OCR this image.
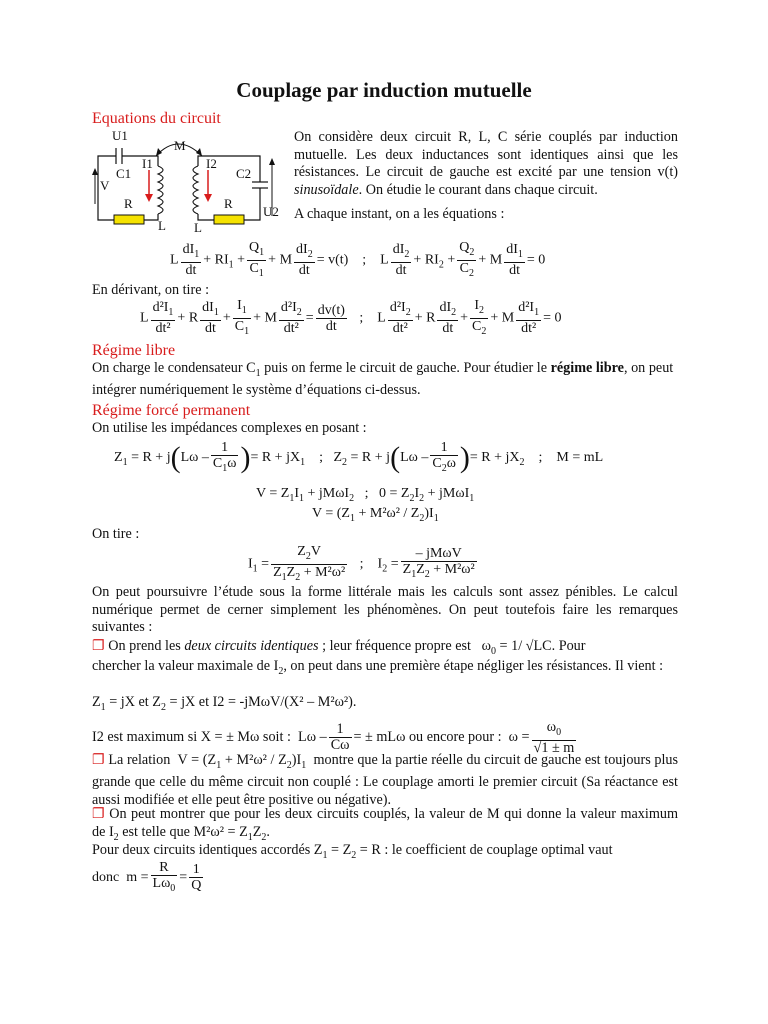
Couplage par induction mutuelle
Equations du circuit
U1
M
I1	I2
C1	C2
V
R	R
U2
L L
On considère deux circuit R, L, C série couplés par induction mutuelle. Les deux inductances sont identiques ainsi que les résistances. Le circuit de gauche est excité par une tension v(t) sinusoïdale. On étudie le courant dans chaque circuit.
A chaque instant, on a les équations :
L $\frac{dI_1}{dt} + RI_1 + \frac{Q_1}{C_1} + M \frac{dI_2}{dt} = v(t)$    ;    L $\frac{dI_2}{dt} + RI_2 + \frac{Q_2}{C_2} + M \frac{dI_1}{dt} = 0$
En dérivant, on tire :
L $\frac{d^2I_1}{\text{dt²}} + R \frac{dI_1}{dt} + \frac{I_1}{C_1} + M \frac{d^2I_2}{\text{dt²}} = \frac{dv(t)}{dt}$ ;    L $\frac{d^2I_2}{\text{dt²}} + R \frac{dI_2}{dt} + \frac{I_2}{C_2} + M \frac{d^2I_1}{\text{dt²}} = 0$
Régime libre
On charge le condensateur $C_1$ puis on ferme le circuit de gauche. Pour étudier le régime libre, on peut intégrer numériquement le système d’équations ci-dessus.
Régime forcé permanent
On utilise les impédances complexes en posant :
$Z_1 = R + j(L\omega - \frac{1}{C_1\omega}$ )= $R + jX_1$    ;   $Z_2 = R + j(L\omega - \frac{1}{C_2\omega}$ )= $R + jX_2$    ;    M = mL
$V = Z_1I_1 + jM\omega I_2$   ;   $0 = Z_2I_2 + jM\omega I_1$
$V = (Z_1 + M^2\omega^2 / Z_2)I_1$
On tire :
$I_1 = \frac{Z_2V}{Z_1Z_2 + M^2\omega^2}$ ;    $I_2 = \frac{\text{– jMωV}}{Z_1Z_2 + M^2\omega^2}$
On peut poursuivre l’étude sous la forme littérale mais les calculs sont assez pénibles. Le calcul numérique permet de cerner simplement les phénomènes. On peut toutefois faire les remarques suivantes :
❐ On prend les deux circuits identiques ; leur fréquence propre est   $\omega_0 = 1/$ √LC. Pour
chercher la valeur maximale de $I_2$, on peut dans une première étape négliger les résistances. Il vient :
$Z_1$ = jX et $Z_2$ = jX et I2 = -jMωV/(X² – M²ω²).
I2 est maximum si X = ± Mω soit :  Lω – $\frac{1}{C\omega}$ = ± mLω ou encore pour :  $\omega = \frac{\omega_0}{√1 \pm m}$
❐ La relation  $V = (Z_1 + M^2\omega^2 / Z_2)I_1$ montre que la partie réelle du circuit de gauche est toujours plus grande que celle du même circuit non couplé : Le couplage amorti le premier circuit (Sa réactance est aussi modifiée et elle peut être positive ou négative).
❐ On peut montrer que pour les deux circuits couplés, la valeur de M qui donne la valeur maximum de $I_2$ est telle que $M^2\omega^2 = Z_1Z_2$.
Pour deux circuits identiques accordés $Z_1 = Z_2 = R$ : le coefficient de couplage optimal vaut
donc  $m = \frac{R}{L\omega_0} = \frac{1}{Q}$
